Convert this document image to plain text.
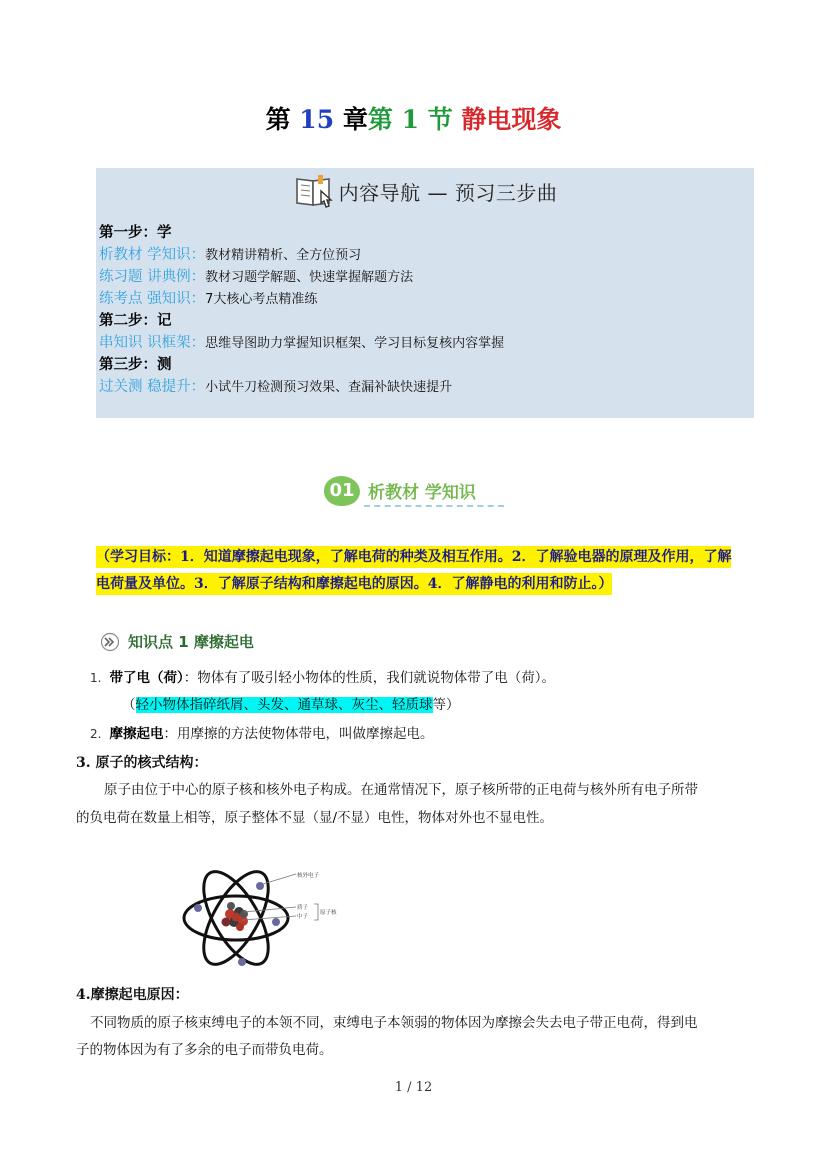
第 15 章第 1 节 静电现象
内容导航 — 预习三步曲
第一步：学
析教材 学知识：教材精讲精析、全方位预习
练习题 讲典例：教材习题学解题、快速掌握解题方法
练考点 强知识：7大核心考点精准练
第二步：记
串知识 识框架：思维导图助力掌握知识框架、学习目标复核内容掌握
第三步：测
过关测 稳提升：小试牛刀检测预习效果、查漏补缺快速提升
01 析教材 学知识
（学习目标：1．知道摩擦起电现象，了解电荷的种类及相互作用。2．了解验电器的原理及作用，了解
电荷量及单位。3．了解原子结构和摩擦起电的原因。4．了解静电的利用和防止。）
知识点 1 摩擦起电
1. 带了电（荷）：物体有了吸引轻小物体的性质，我们就说物体带了电（荷）。
（轻小物体指碎纸屑、头发、通草球、灰尘、轻质球等）
2. 摩擦起电：用摩擦的方法使物体带电，叫做摩擦起电。
3. 原子的核式结构：
原子由位于中心的原子核和核外电子构成。在通常情况下，原子核所带的正电荷与核外所有电子所带
的负电荷在数量上相等，原子整体不显（显/不显）电性，物体对外也不显电性。
核外电子
质子
中子
原子核
4.摩擦起电原因：
不同物质的原子核束缚电子的本领不同，束缚电子本领弱的物体因为摩擦会失去电子带正电荷，得到电
子的物体因为有了多余的电子而带负电荷。
1 / 12
